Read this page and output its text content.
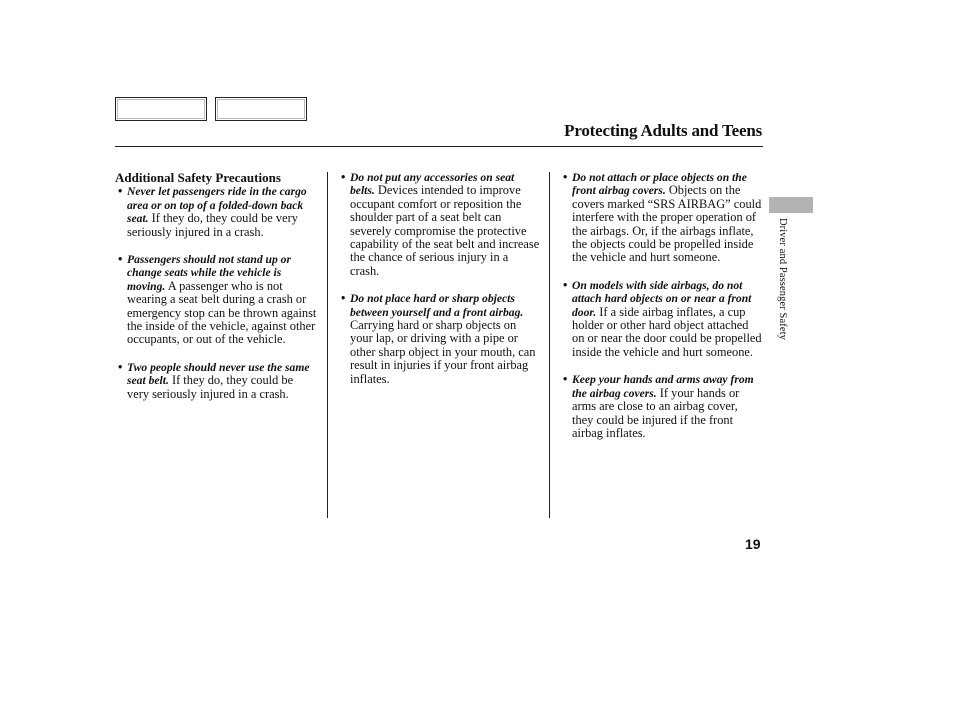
Protecting Adults and Teens
Additional Safety Precautions
• Never let passengers ride in the cargo area or on top of a folded-down back seat. If they do, they could be very seriously injured in a crash.
• Passengers should not stand up or change seats while the vehicle is moving. A passenger who is not wearing a seat belt during a crash or emergency stop can be thrown against the inside of the vehicle, against other occupants, or out of the vehicle.
• Two people should never use the same seat belt. If they do, they could be very seriously injured in a crash.
• Do not put any accessories on seat belts. Devices intended to improve occupant comfort or reposition the shoulder part of a seat belt can severely compromise the protective capability of the seat belt and increase the chance of serious injury in a crash.
• Do not place hard or sharp objects between yourself and a front airbag. Carrying hard or sharp objects on your lap, or driving with a pipe or other sharp object in your mouth, can result in injuries if your front airbag inflates.
• Do not attach or place objects on the front airbag covers. Objects on the covers marked “SRS AIRBAG” could interfere with the proper operation of the airbags. Or, if the airbags inflate, the objects could be propelled inside the vehicle and hurt someone.
• On models with side airbags, do not attach hard objects on or near a front door. If a side airbag inflates, a cup holder or other hard object attached on or near the door could be propelled inside the vehicle and hurt someone.
• Keep your hands and arms away from the airbag covers. If your hands or arms are close to an airbag cover, they could be injured if the front airbag inflates.
Driver and Passenger Safety
19
